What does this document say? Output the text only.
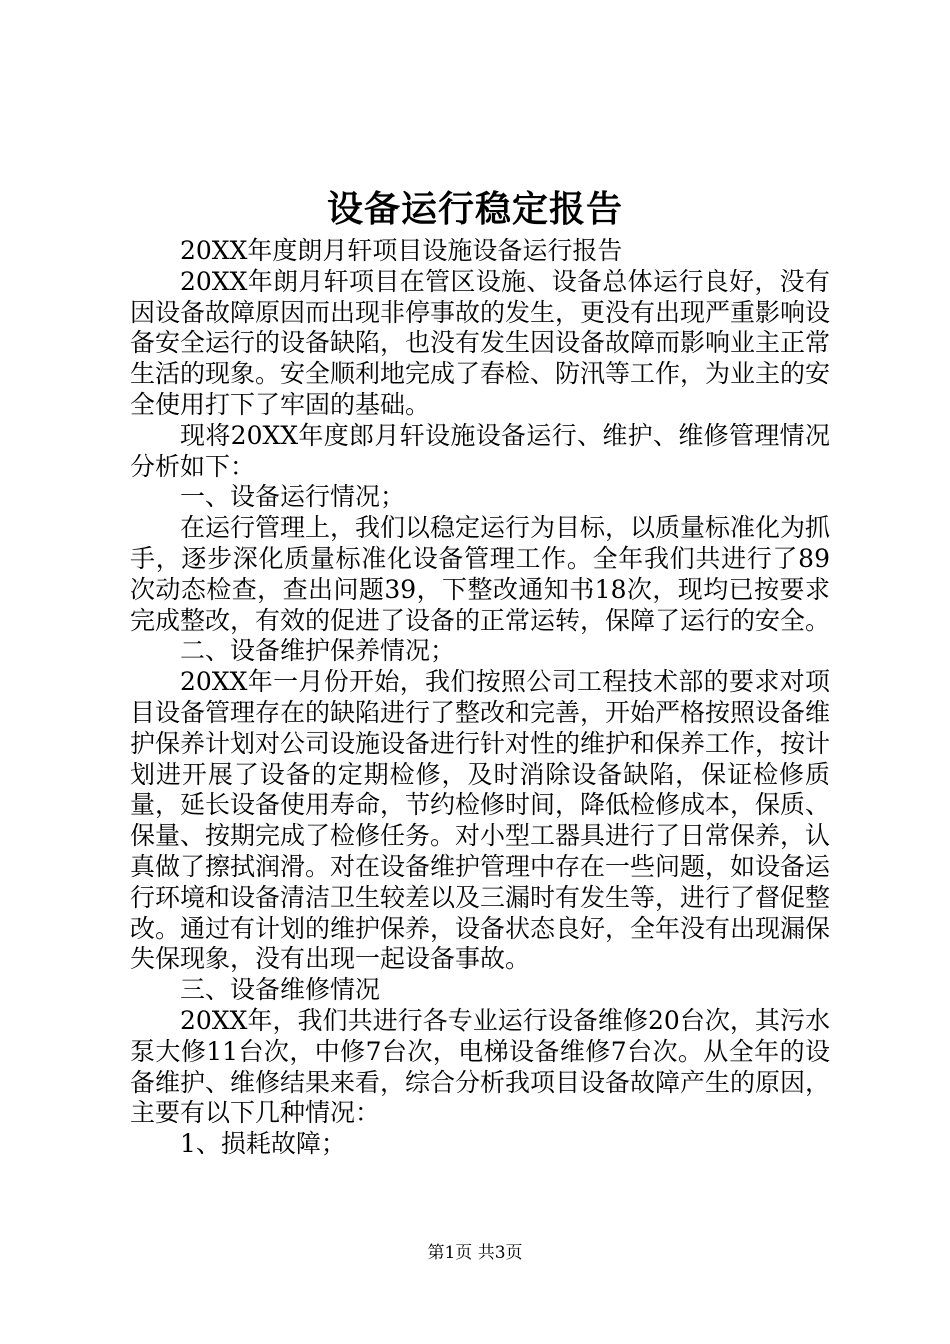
设备运行稳定报告

20XX年度朗月轩项目设施设备运行报告

20XX年朗月轩项目在管区设施、设备总体运行良好，没有因设备故障原因而出现非停事故的发生，更没有出现严重影响设备安全运行的设备缺陷，也没有发生因设备故障而影响业主正常生活的现象。安全顺利地完成了春检、防汛等工作，为业主的安全使用打下了牢固的基础。

现将20XX年度郎月轩设施设备运行、维护、维修管理情况分析如下：

一、设备运行情况；

在运行管理上，我们以稳定运行为目标，以质量标准化为抓手，逐步深化质量标准化设备管理工作。全年我们共进行了89次动态检查，查出问题39，下整改通知书18次，现均已按要求完成整改，有效的促进了设备的正常运转，保障了运行的安全。

二、设备维护保养情况；

20XX年一月份开始，我们按照公司工程技术部的要求对项目设备管理存在的缺陷进行了整改和完善，开始严格按照设备维护保养计划对公司设施设备进行针对性的维护和保养工作，按计划进开展了设备的定期检修，及时消除设备缺陷，保证检修质量，延长设备使用寿命，节约检修时间，降低检修成本，保质、保量、按期完成了检修任务。对小型工器具进行了日常保养，认真做了擦拭润滑。对在设备维护管理中存在一些问题，如设备运行环境和设备清洁卫生较差以及三漏时有发生等，进行了督促整改。通过有计划的维护保养，设备状态良好，全年没有出现漏保失保现象，没有出现一起设备事故。

三、设备维修情况

20XX年，我们共进行各专业运行设备维修20台次，其污水泵大修11台次，中修7台次，电梯设备维修7台次。从全年的设备维护、维修结果来看，综合分析我项目设备故障产生的原因，主要有以下几种情况：

1、损耗故障；

第1页 共3页
